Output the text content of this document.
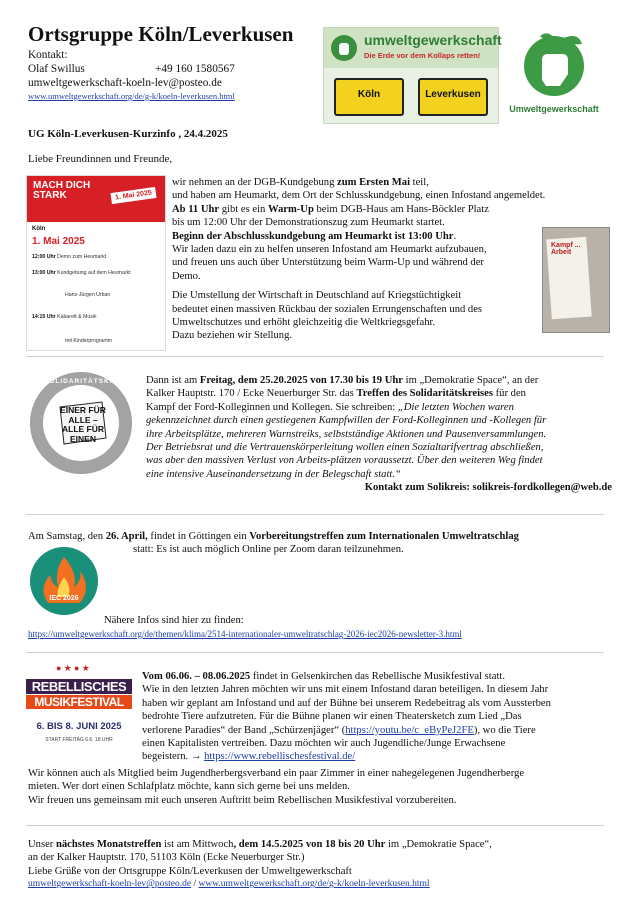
Ortsgruppe Köln/Leverkusen
Kontakt:
Olaf Swillus	+49 160 1580567
umweltgewerkschaft-koeln-lev@posteo.de
www.umweltgewerkschaft.org/de/g-k/koeln-leverkusen.html
umweltgewerkschaft
Die Erde vor dem Kollaps retten!
Köln	Leverkusen
Umweltgewerkschaft
UG Köln-Leverkusen-Kurzinfo , 24.4.2025
Liebe Freundinnen und Freunde,
MACH DICH STARK	1. Mai 2025
Köln
1. Mai 2025
12:00 Uhr Demo zum Heumarkt
13:00 Uhr Kundgebung auf dem Heumarkt
Hans-Jürgen Urban
14:15 Uhr Kabarett & Musik
mit Kinderprogramm
wir nehmen an der DGB-Kundgebung zum Ersten Mai teil,
und haben am Heumarkt, dem Ort der Schlusskundgebung, einen Infostand angemeldet.
Ab 11 Uhr gibt es ein Warm-Up beim DGB-Haus am Hans-Böckler Platz
bis um 12:00 Uhr der Demonstrationszug zum Heumarkt startet.
Beginn der Abschlusskundgebung am Heumarkt ist 13:00 Uhr.
Wir laden dazu ein zu helfen unseren Infostand am Heumarkt aufzubauen,
und freuen uns auch über Unterstützung beim Warm-Up und während der
Demo.
Die Umstellung der Wirtschaft in Deutschland auf Kriegstüchtigkeit
bedeutet einen massiven Rückbau der sozialen Errungenschaften und des
Umweltschutzes und erhöht gleichzeitig die Weltkriegsgefahr.
Dazu beziehen wir Stellung.
Kampf ... Arbeit
SOLIDARITÄTSKREIS
EINER FÜR ALLE – ALLE FÜR EINEN
Dann ist am Freitag, dem 25.20.2025 von 17.30 bis 19 Uhr im „Demokratie Space“, an der
Kalker Hauptstr. 170 / Ecke Neuerburger Str. das Treffen des Solidaritätskreises für den
Kampf der Ford-Kolleginnen und Kollegen. Sie schreiben: „Die letzten Wochen waren
gekennzeichnet durch einen gestiegenen Kampfwillen der Ford-Kolleginnen und -Kollegen für
ihre Arbeitsplätze, mehreren Warnstreiks, selbstständige Aktionen und Pausenversammlungen.
Der Betriebsrat und die Vertrauenskörperleitung wollen einen Sozialtarifvertrag abschließen,
was aber den massiven Verlust von Arbeits-plätzen voraussetzt. Über den weiteren Weg findet
eine intensive Auseinandersetzung in der Belegschaft statt.“
Kontakt zum Solikreis: solikreis-fordkollegen@web.de
Am Samstag, den 26. April, findet in Göttingen ein Vorbereitungstreffen zum Internationalen Umweltratschlag
statt: Es ist auch möglich Online per Zoom daran teilzunehmen.
IEC 2026
Nähere Infos sind hier zu finden:
https://umweltgewerkschaft.org/de/themen/klima/2514-internationaler-umweltratschlag-2026-iec2026-newsletter-3.html
● ★ ● ★
REBELLISCHES
MUSIKFESTIVAL
6. BIS 8. JUNI 2025
START FREITAG 6.6. 18 UHR
Vom 06.06. – 08.06.2025 findet in Gelsenkirchen das Rebellische Musikfestival statt.
Wie in den letzten Jahren möchten wir uns mit einem Infostand daran beteiligen. In diesem Jahr
haben wir geplant am Infostand und auf der Bühne bei unserem Redebeitrag als vom Aussterben
bedrohte Tiere aufzutreten. Für die Bühne planen wir einen Theatersketch zum Lied „Das
verlorene Paradies“ der Band „Schürzenjäger“ (https://youtu.be/c_eByPeJ2FE), wo die Tiere
einen Kapitalisten vertreiben. Dazu möchten wir auch Jugendliche/Junge Erwachsene
begeistern. → https://www.rebellischesfestival.de/
Wir können auch als Mitglied beim Jugendherbergsverband ein paar Zimmer in einer nahegelegenen Jugendherberge
mieten. Wer dort einen Schlafplatz möchte, kann sich gerne bei uns melden.
Wir freuen uns gemeinsam mit euch unseren Auftritt beim Rebellischen Musikfestival vorzubereiten.
Unser nächstes Monatstreffen ist am Mittwoch, dem 14.5.2025 von 18 bis 20 Uhr im „Demokratie Space“,
an der Kalker Hauptstr. 170, 51103 Köln (Ecke Neuerburger Str.)
Liebe Grüße von der Ortsgruppe Köln/Leverkusen der Umweltgewerkschaft
umweltgewerkschaft-koeln-lev@posteo.de / www.umweltgewerkschaft.org/de/g-k/koeln-leverkusen.html
